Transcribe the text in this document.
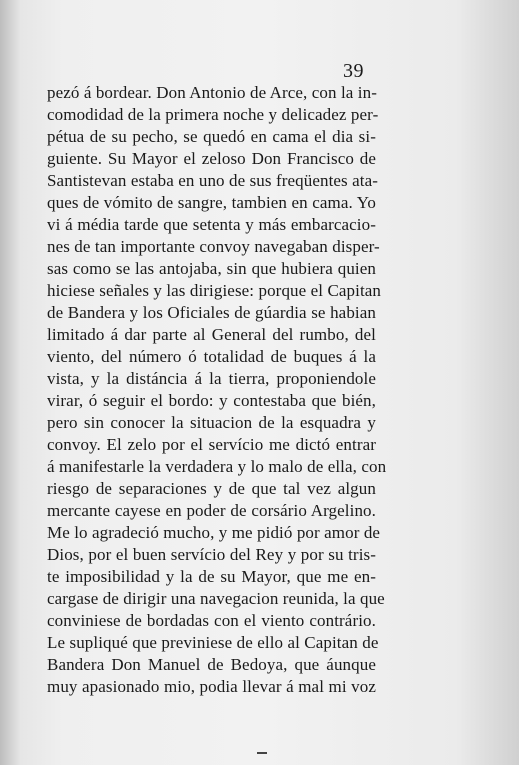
39
pezó á bordear. Don Antonio de Arce, con la in-
comodidad de la primera noche y delicadez per-
pétua de su pecho, se quedó en cama el dia si-
guiente. Su Mayor el zeloso Don Francisco de
Santistevan estaba en uno de sus freqüentes ata-
ques de vómito de sangre, tambien en cama. Yo
vi á média tarde que setenta y más embarcacio-
nes de tan importante convoy navegaban disper-
sas como se las antojaba, sin que hubiera quien
hiciese señales y las dirigiese: porque el Capitan
de Bandera y los Oficiales de gúardia se habian
limitado á dar parte al General del rumbo, del
viento, del número ó totalidad de buques á la
vista, y la distáncia á la tierra, proponiendole
virar, ó seguir el bordo: y contestaba que bién,
pero sin conocer la situacion de la esquadra y
convoy. El zelo por el servício me dictó entrar
á manifestarle la verdadera y lo malo de ella, con
riesgo de separaciones y de que tal vez algun
mercante cayese en poder de corsário Argelino.
Me lo agradeció mucho, y me pidió por amor de
Dios, por el buen servício del Rey y por su tris-
te imposibilidad y la de su Mayor, que me en-
cargase de dirigir una navegacion reunida, la que
conviniese de bordadas con el viento contrário.
Le supliqué que previniese de ello al Capitan de
Bandera Don Manuel de Bedoya, que áunque
muy apasionado mio, podia llevar á mal mi voz
